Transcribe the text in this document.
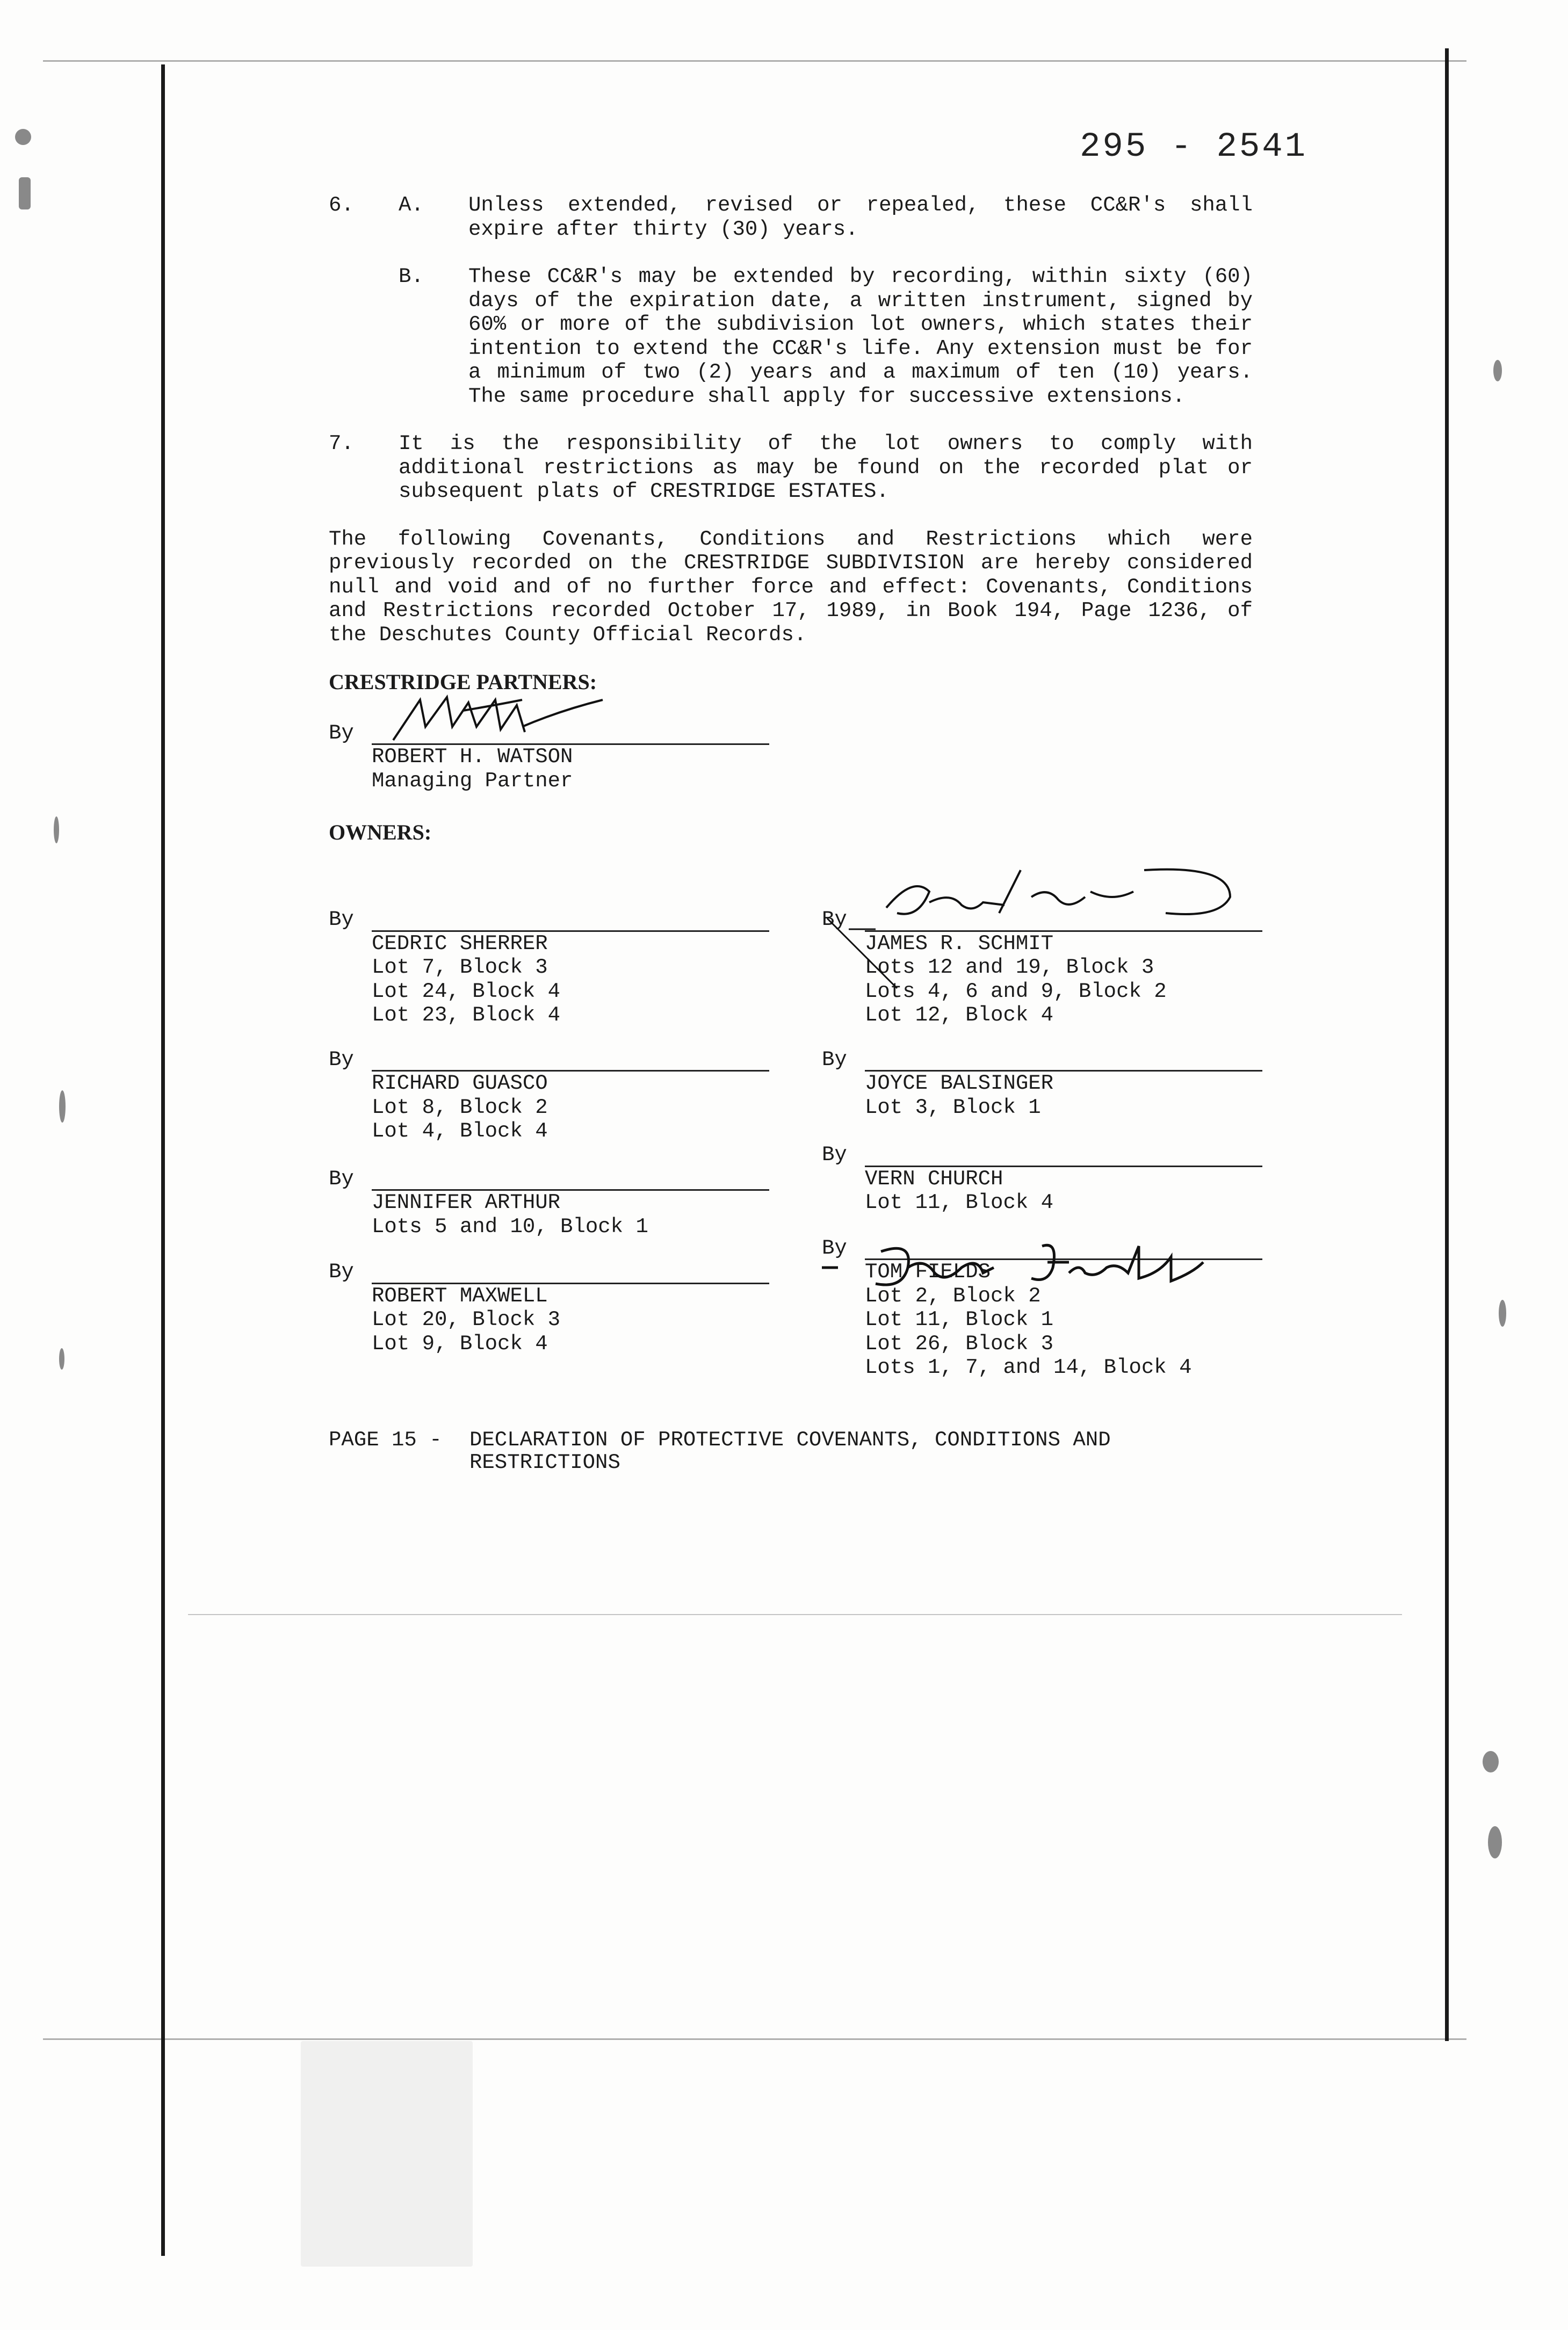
295 - 2541
6.	A.	Unless extended, revised or repealed, these CC&R's shall expire after thirty (30) years.
B.	These CC&R's may be extended by recording, within sixty (60) days of the expiration date, a written instrument, signed by 60% or more of the subdivision lot owners, which states their intention to extend the CC&R's life. Any extension must be for a minimum of two (2) years and a maximum of ten (10) years. The same procedure shall apply for successive extensions.
7.	It is the responsibility of the lot owners to comply with additional restrictions as may be found on the recorded plat or subsequent plats of CRESTRIDGE ESTATES.
The following Covenants, Conditions and Restrictions which were previously recorded on the CRESTRIDGE SUBDIVISION are hereby considered null and void and of no further force and effect: Covenants, Conditions and Restrictions recorded October 17, 1989, in Book 194, Page 1236, of the Deschutes County Official Records.
CRESTRIDGE PARTNERS:
By
ROBERT H. WATSON
Managing Partner
OWNERS:
By
CEDRIC SHERRER
Lot 7, Block 3
Lot 24, Block 4
Lot 23, Block 4
By
RICHARD GUASCO
Lot 8, Block 2
Lot 4, Block 4
By
JENNIFER ARTHUR
Lots 5 and 10, Block 1
By
ROBERT MAXWELL
Lot 20, Block 3
Lot 9, Block 4
By
JAMES R. SCHMIT
Lots 12 and 19, Block 3
Lots 4, 6 and 9, Block 2
Lot 12, Block 4
By
JOYCE BALSINGER
Lot 3, Block 1
By
VERN CHURCH
Lot 11, Block 4
By
TOM FIELDS
Lot 2, Block 2
Lot 11, Block 1
Lot 26, Block 3
Lots 1, 7, and 14, Block 4
PAGE 15 -	DECLARATION OF PROTECTIVE COVENANTS, CONDITIONS AND
RESTRICTIONS
